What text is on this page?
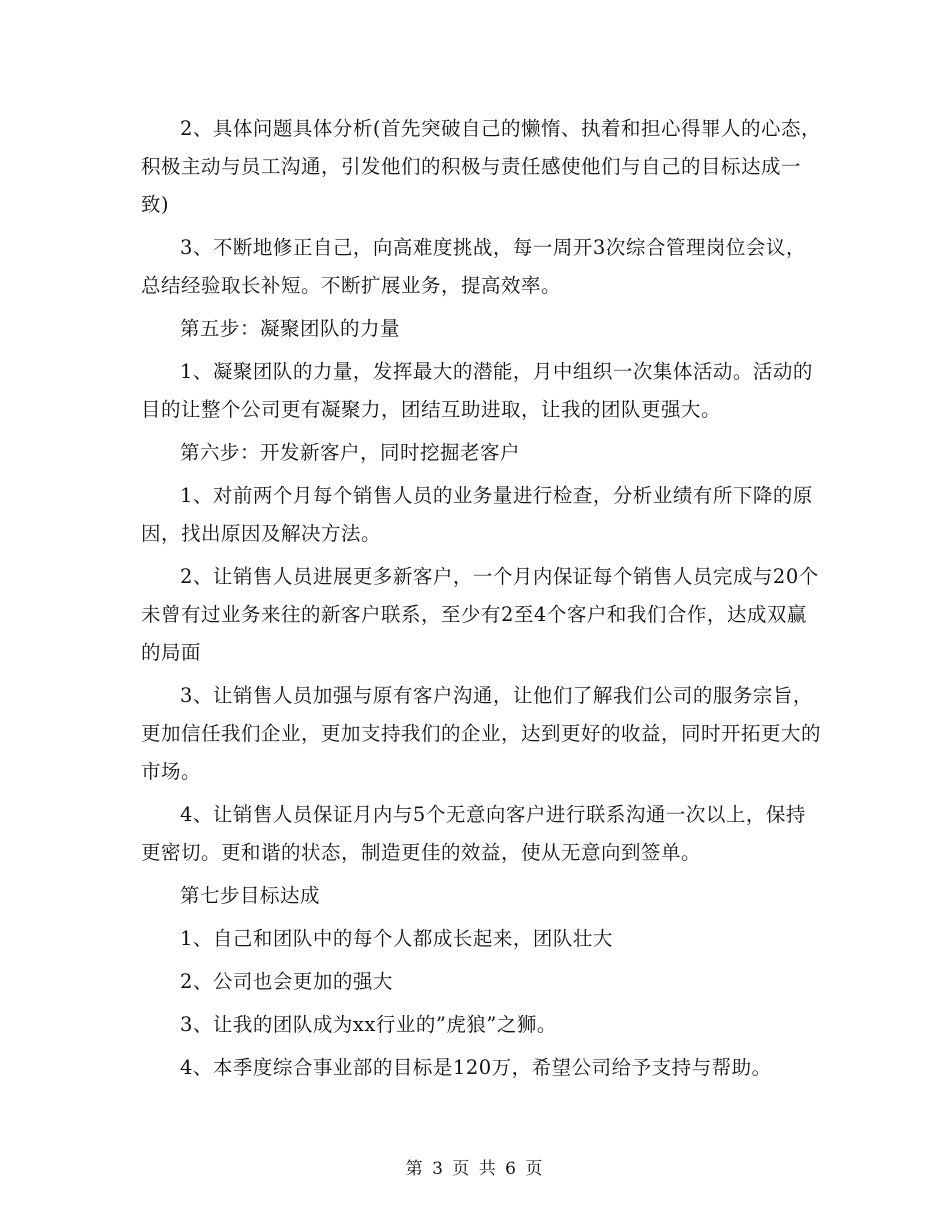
2、具体问题具体分析(首先突破自己的懒惰、执着和担心得罪人的心态，积极主动与员工沟通，引发他们的积极与责任感使他们与自己的目标达成一致)

3、不断地修正自己，向高难度挑战，每一周开3次综合管理岗位会议，总结经验取长补短。不断扩展业务，提高效率。

第五步：凝聚团队的力量

1、凝聚团队的力量，发挥最大的潜能，月中组织一次集体活动。活动的目的让整个公司更有凝聚力，团结互助进取，让我的团队更强大。

第六步：开发新客户，同时挖掘老客户

1、对前两个月每个销售人员的业务量进行检查，分析业绩有所下降的原因，找出原因及解决方法。

2、让销售人员进展更多新客户，一个月内保证每个销售人员完成与20个未曾有过业务来往的新客户联系，至少有2至4个客户和我们合作，达成双赢的局面

3、让销售人员加强与原有客户沟通，让他们了解我们公司的服务宗旨，更加信任我们企业，更加支持我们的企业，达到更好的收益，同时开拓更大的市场。

4、让销售人员保证月内与5个无意向客户进行联系沟通一次以上，保持更密切。更和谐的状态，制造更佳的效益，使从无意向到签单。

第七步目标达成

1、自己和团队中的每个人都成长起来，团队壮大

2、公司也会更加的强大

3、让我的团队成为xx行业的”虎狼”之狮。

4、本季度综合事业部的目标是120万，希望公司给予支持与帮助。

第 3 页 共 6 页
